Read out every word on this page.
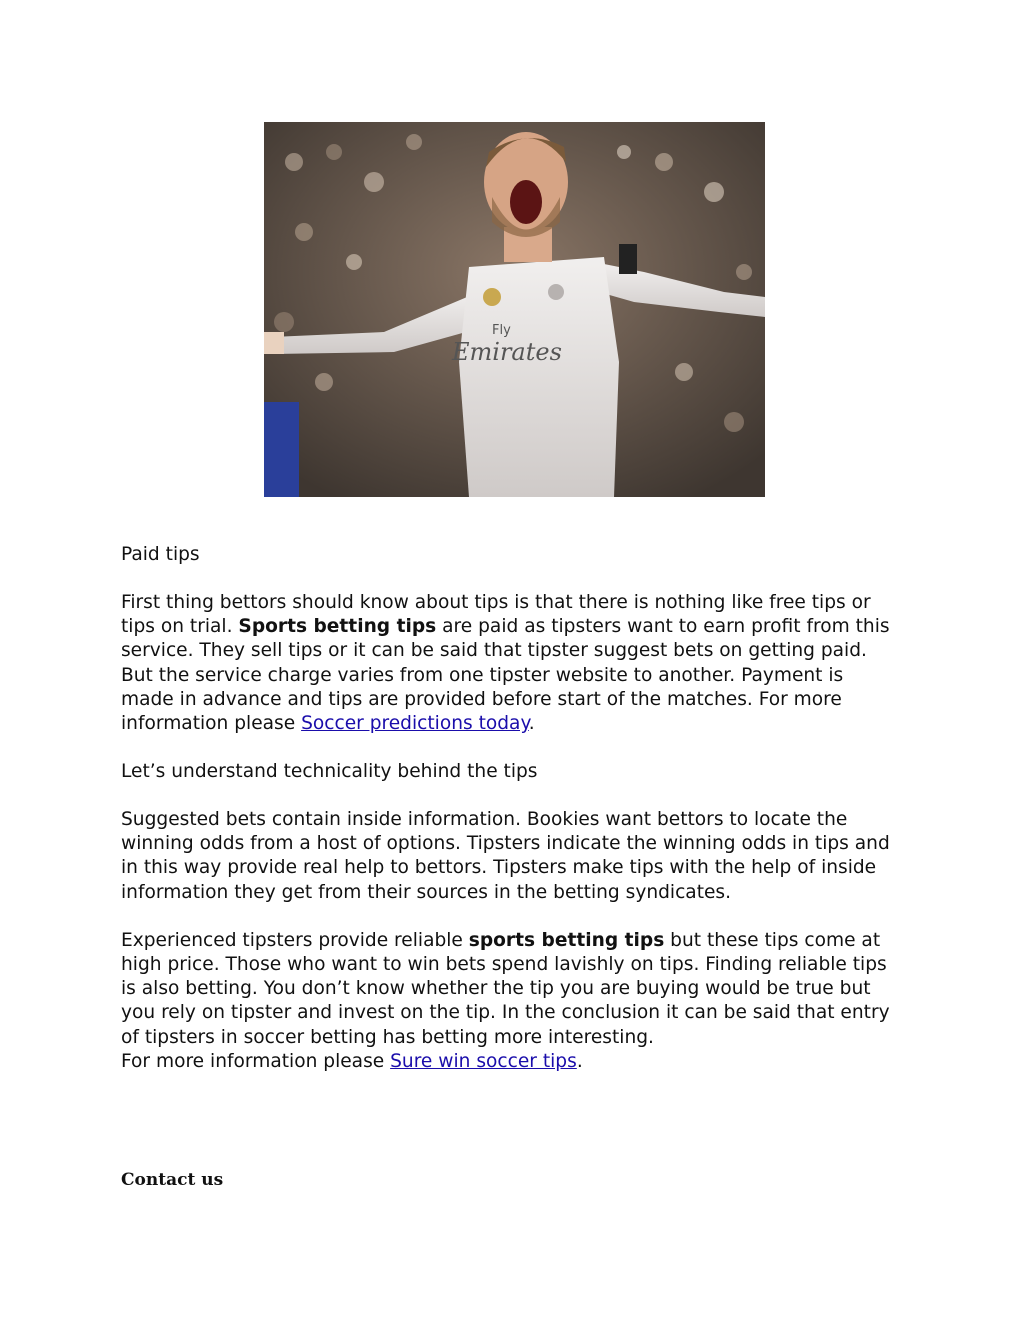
Fly
Emirates

Paid tips

First thing bettors should know about tips is that there is nothing like free tips or tips on trial. Sports betting tips are paid as tipsters want to earn profit from this service. They sell tips or it can be said that tipster suggest bets on getting paid. But the service charge varies from one tipster website to another. Payment is made in advance and tips are provided before start of the matches. For more information please Soccer predictions today.

Let’s understand technicality behind the tips

Suggested bets contain inside information. Bookies want bettors to locate the winning odds from a host of options. Tipsters indicate the winning odds in tips and in this way provide real help to bettors. Tipsters make tips with the help of inside information they get from their sources in the betting syndicates.

Experienced tipsters provide reliable sports betting tips but these tips come at high price. Those who want to win bets spend lavishly on tips. Finding reliable tips is also betting. You don’t know whether the tip you are buying would be true but you rely on tipster and invest on the tip. In the conclusion it can be said that entry of tipsters in soccer betting has betting more interesting.

For more information please Sure win soccer tips.

Contact us
